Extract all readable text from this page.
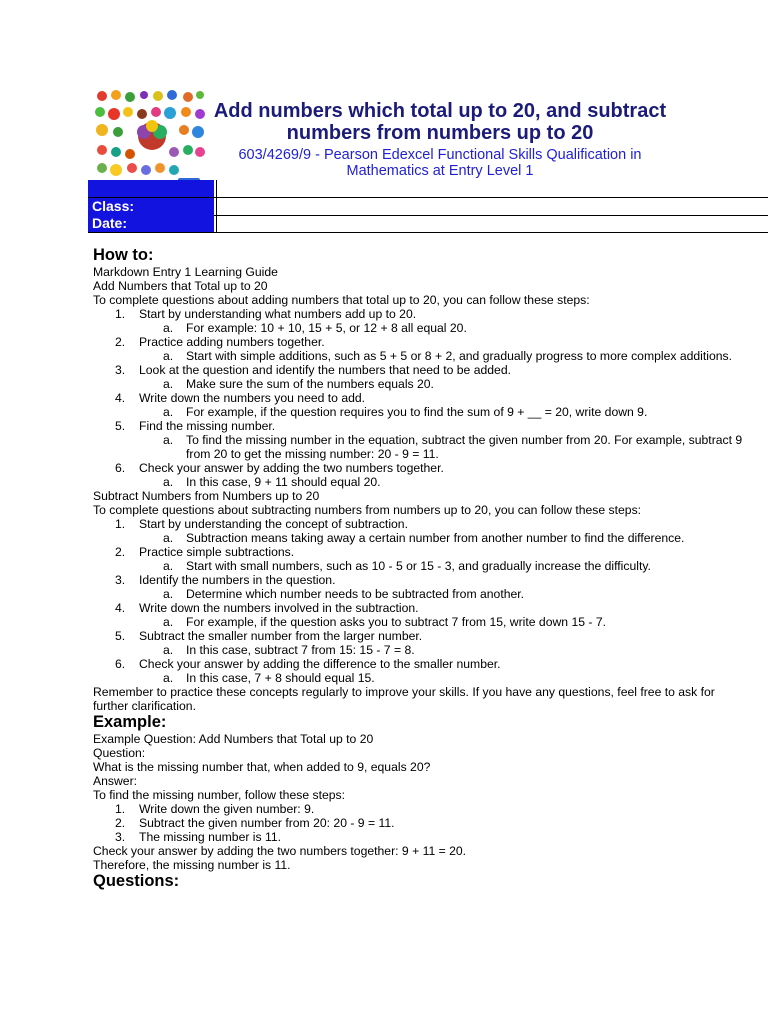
Add numbers which total up to 20, and subtract numbers from numbers up to 20
603/4269/9 - Pearson Edexcel Functional Skills Qualification in Mathematics at Entry Level 1
Class:
Date:
How to:
Markdown Entry 1 Learning Guide
Add Numbers that Total up to 20
To complete questions about adding numbers that total up to 20, you can follow these steps:
1. Start by understanding what numbers add up to 20.
a. For example: 10 + 10, 15 + 5, or 12 + 8 all equal 20.
2. Practice adding numbers together.
a. Start with simple additions, such as 5 + 5 or 8 + 2, and gradually progress to more complex additions.
3. Look at the question and identify the numbers that need to be added.
a. Make sure the sum of the numbers equals 20.
4. Write down the numbers you need to add.
a. For example, if the question requires you to find the sum of 9 + __ = 20, write down 9.
5. Find the missing number.
a. To find the missing number in the equation, subtract the given number from 20. For example, subtract 9 from 20 to get the missing number: 20 - 9 = 11.
6. Check your answer by adding the two numbers together.
a. In this case, 9 + 11 should equal 20.
Subtract Numbers from Numbers up to 20
To complete questions about subtracting numbers from numbers up to 20, you can follow these steps:
1. Start by understanding the concept of subtraction.
a. Subtraction means taking away a certain number from another number to find the difference.
2. Practice simple subtractions.
a. Start with small numbers, such as 10 - 5 or 15 - 3, and gradually increase the difficulty.
3. Identify the numbers in the question.
a. Determine which number needs to be subtracted from another.
4. Write down the numbers involved in the subtraction.
a. For example, if the question asks you to subtract 7 from 15, write down 15 - 7.
5. Subtract the smaller number from the larger number.
a. In this case, subtract 7 from 15: 15 - 7 = 8.
6. Check your answer by adding the difference to the smaller number.
a. In this case, 7 + 8 should equal 15.
Remember to practice these concepts regularly to improve your skills. If you have any questions, feel free to ask for further clarification.
Example:
Example Question: Add Numbers that Total up to 20
Question:
What is the missing number that, when added to 9, equals 20?
Answer:
To find the missing number, follow these steps:
1. Write down the given number: 9.
2. Subtract the given number from 20: 20 - 9 = 11.
3. The missing number is 11.
Check your answer by adding the two numbers together: 9 + 11 = 20.
Therefore, the missing number is 11.
Questions:
